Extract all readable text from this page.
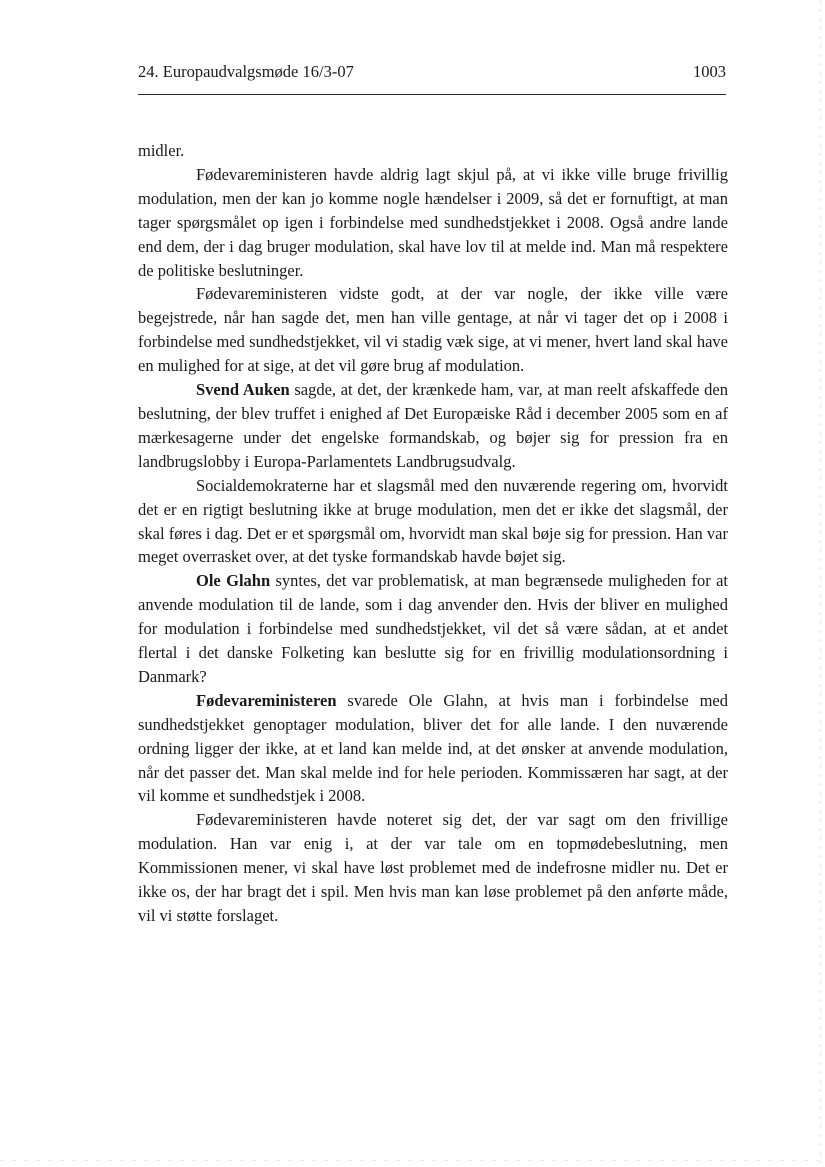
24. Europaudvalgsmøde 16/3-07	1003

midler.

Fødevareministeren havde aldrig lagt skjul på, at vi ikke ville bruge frivillig modulation, men der kan jo komme nogle hændelser i 2009, så det er fornuftigt, at man tager spørgsmålet op igen i forbindelse med sundhedstjekket i 2008. Også andre lande end dem, der i dag bruger modulation, skal have lov til at melde ind. Man må respektere de politiske beslutninger.

Fødevareministeren vidste godt, at der var nogle, der ikke ville være begejstrede, når han sagde det, men han ville gentage, at når vi tager det op i 2008 i forbindelse med sundhedstjekket, vil vi stadig væk sige, at vi mener, hvert land skal have en mulighed for at sige, at det vil gøre brug af modulation.

Svend Auken sagde, at det, der krænkede ham, var, at man reelt afskaffede den beslutning, der blev truffet i enighed af Det Europæiske Råd i december 2005 som en af mærkesagerne under det engelske formandskab, og bøjer sig for pression fra en landbrugslobby i Europa-Parlamentets Landbrugsudvalg.

Socialdemokraterne har et slagsmål med den nuværende regering om, hvorvidt det er en rigtigt beslutning ikke at bruge modulation, men det er ikke det slagsmål, der skal føres i dag. Det er et spørgsmål om, hvorvidt man skal bøje sig for pression. Han var meget overrasket over, at det tyske formandskab havde bøjet sig.

Ole Glahn syntes, det var problematisk, at man begrænsede muligheden for at anvende modulation til de lande, som i dag anvender den. Hvis der bliver en mulighed for modulation i forbindelse med sundhedstjekket, vil det så være sådan, at et andet flertal i det danske Folketing kan beslutte sig for en frivillig modulationsordning i Danmark?

Fødevareministeren svarede Ole Glahn, at hvis man i forbindelse med sundhedstjekket genoptager modulation, bliver det for alle lande. I den nuværende ordning ligger der ikke, at et land kan melde ind, at det ønsker at anvende modulation, når det passer det. Man skal melde ind for hele perioden. Kommissæren har sagt, at der vil komme et sundhedstjek i 2008.

Fødevareministeren havde noteret sig det, der var sagt om den frivillige modulation. Han var enig i, at der var tale om en topmødebeslutning, men Kommissionen mener, vi skal have løst problemet med de indefrosne midler nu. Det er ikke os, der har bragt det i spil. Men hvis man kan løse problemet på den anførte måde, vil vi støtte forslaget.
